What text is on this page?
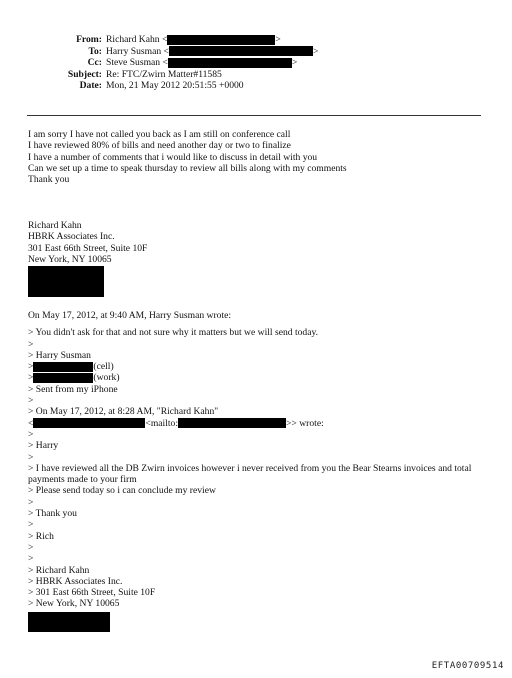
From: Richard Kahn <	>
To: Harry Susman <	>
Cc: Steve Susman <	>
Subject: Re: FTC/Zwirn Matter#11585
Date: Mon, 21 May 2012 20:51:55 +0000
I am sorry I have not called you back as I am still on conference call
I have reviewed 80% of bills and need another day or two to finalize
I have a number of comments that i would like to discuss in detail with you
Can we set up a time to speak thursday to review all bills along with my comments
Thank you
Richard Kahn
HBRK Associates Inc.
301 East 66th Street, Suite 10F
New York, NY 10065
On May 17, 2012, at 9:40 AM, Harry Susman wrote:
> You didn't ask for that and not sure why it matters but we will send today.
>
> Harry Susman
>	(cell)
>	(work)
> Sent from my iPhone
>
> On May 17, 2012, at 8:28 AM, "Richard Kahn"
<	<mailto:	>> wrote:
>
> Harry
>
> I have reviewed all the DB Zwirn invoices however i never received from you the Bear Stearns invoices and total payments made to your firm
> Please send today so i can conclude my review
>
> Thank you
>
> Rich
>
>
> Richard Kahn
> HBRK Associates Inc.
> 301 East 66th Street, Suite 10F
> New York, NY 10065
EFTA00709514
